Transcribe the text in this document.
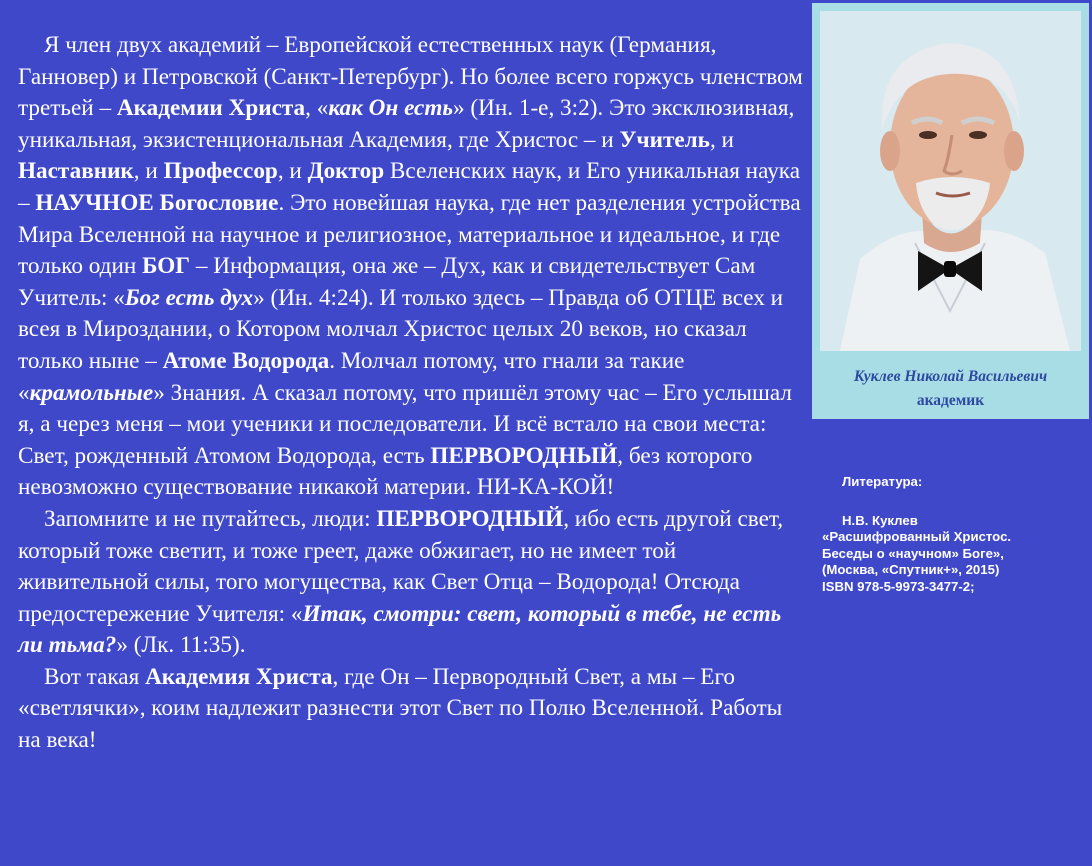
Я член двух академий – Европейской естественных наук (Германия, Ганновер) и Петровской (Санкт-Петербург). Но более всего горжусь членством третьей – Академии Христа, «как Он есть» (Ин. 1-е, 3:2). Это эксклюзивная, уникальная, экзистенциональная Академия, где Христос – и Учитель, и Наставник, и Профессор, и Доктор Вселенских наук, и Его уникальная наука – НАУЧНОЕ Богословие. Это новейшая наука, где нет разделения устройства Мира Вселенной на научное и религиозное, материальное и идеальное, и где только один БОГ – Информация, она же – Дух, как и свидетельствует Сам Учитель: «Бог есть дух» (Ин. 4:24). И только здесь – Правда об ОТЦЕ всех и всея в Мироздании, о Котором молчал Христос целых 20 веков, но сказал только ныне – Атоме Водорода. Молчал потому, что гнали за такие «крамольные» Знания. А сказал потому, что пришёл этому час – Его услышал я, а через меня – мои ученики и последователи. И всё встало на свои места: Свет, рожденный Атомом Водорода, есть ПЕРВОРОДНЫЙ, без которого невозможно существование никакой материи. НИ-КА-КОЙ!

Запомните и не путайтесь, люди: ПЕРВОРОДНЫЙ, ибо есть другой свет, который тоже светит, и тоже греет, даже обжигает, но не имеет той живительной силы, того могущества, как Свет Отца – Водорода! Отсюда предостережение Учителя: «Итак, смотри: свет, который в тебе, не есть ли тьма?» (Лк. 11:35).

Вот такая Академия Христа, где Он – Первородный Свет, а мы – Его «светлячки», коим надлежит разнести этот Свет по Полю Вселенной. Работы на века!

Куклев Николай Васильевич
академик
Литература:
Н.В. Куклев
«Расшифрованный Христос.
Беседы о «научном» Боге»,
(Москва, «Спутник+», 2015)
ISBN 978-5-9973-3477-2;
